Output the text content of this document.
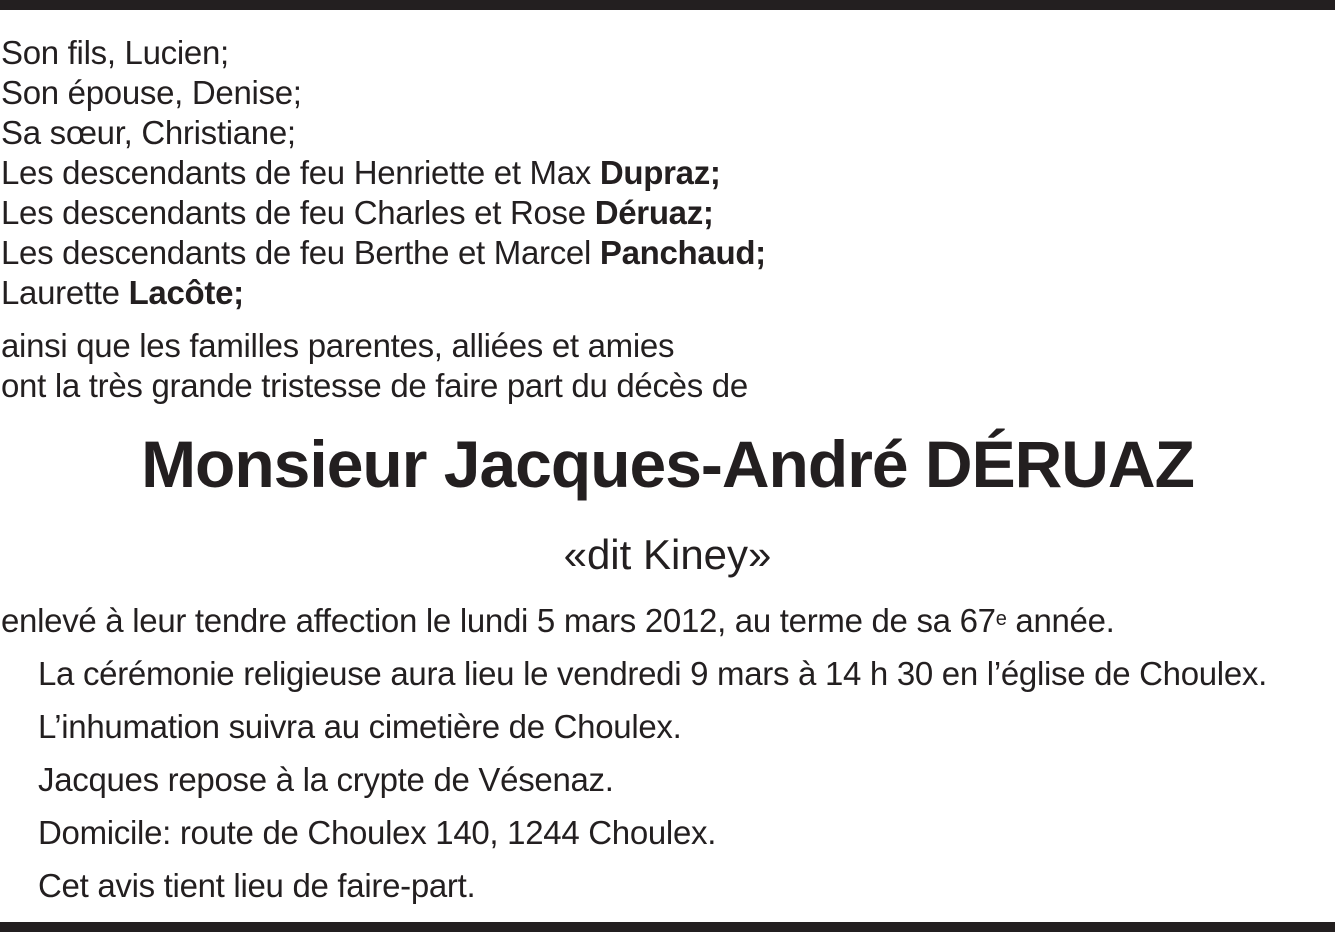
Son fils, Lucien;
Son épouse, Denise;
Sa sœur, Christiane;
Les descendants de feu Henriette et Max Dupraz;
Les descendants de feu Charles et Rose Déruaz;
Les descendants de feu Berthe et Marcel Panchaud;
Laurette Lacôte;
ainsi que les familles parentes, alliées et amies
ont la très grande tristesse de faire part du décès de
Monsieur Jacques-André DÉRUAZ
«dit Kiney»
enlevé à leur tendre affection le lundi 5 mars 2012, au terme de sa 67e année.
La cérémonie religieuse aura lieu le vendredi 9 mars à 14 h 30 en l’église de Choulex.
L’inhumation suivra au cimetière de Choulex.
Jacques repose à la crypte de Vésenaz.
Domicile: route de Choulex 140, 1244 Choulex.
Cet avis tient lieu de faire-part.
